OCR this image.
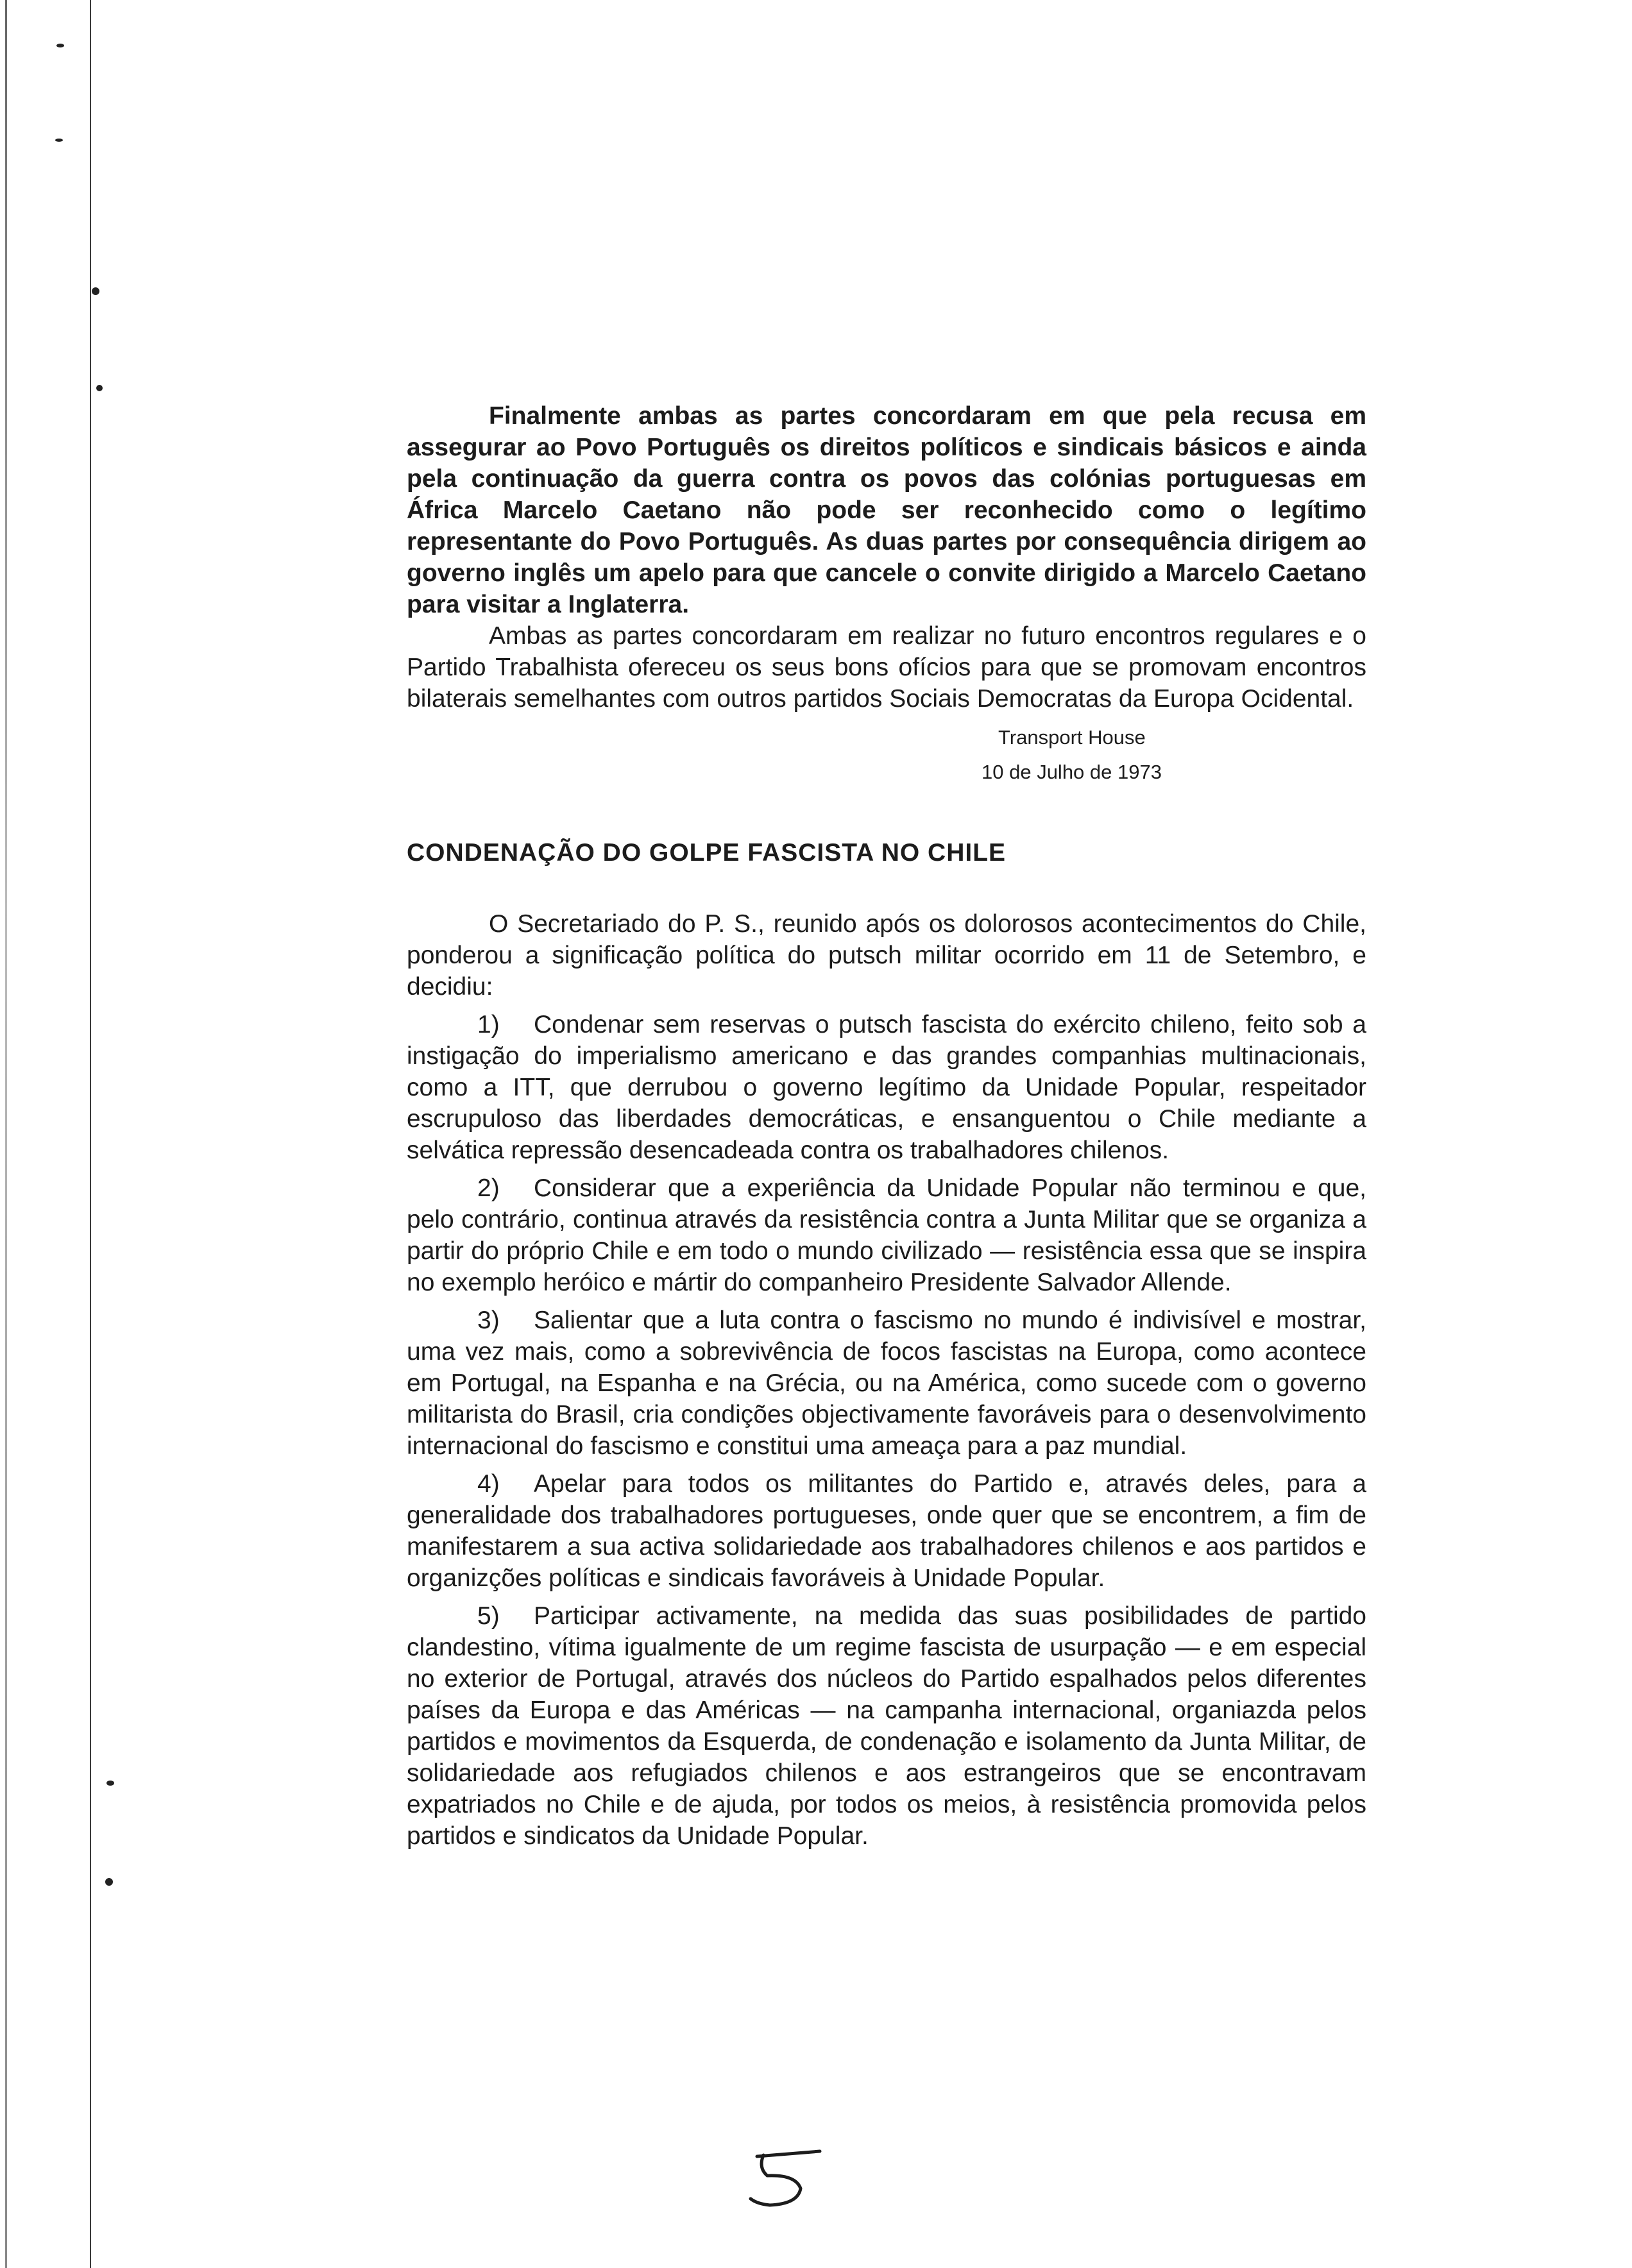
Finalmente ambas as partes concordaram em que pela recusa em assegurar ao Povo Português os direitos políticos e sindicais básicos e ainda pela continuação da guerra contra os povos das colónias portuguesas em África Marcelo Caetano não pode ser reconhecido como o legítimo representante do Povo Português. As duas partes por consequência dirigem ao governo inglês um apelo para que cancele o convite dirigido a Marcelo Caetano para visitar a Inglaterra.

Ambas as partes concordaram em realizar no futuro encontros regulares e o Partido Trabalhista ofereceu os seus bons ofícios para que se promovam encontros bilaterais semelhantes com outros partidos Sociais Democratas da Europa Ocidental.

Transport House
10 de Julho de 1973
CONDENAÇÃO DO GOLPE FASCISTA NO CHILE

O Secretariado do P. S., reunido após os dolorosos acontecimentos do Chile, ponderou a significação política do putsch militar ocorrido em 11 de Setembro, e decidiu:

1) Condenar sem reservas o putsch fascista do exército chileno, feito sob a instigação do imperialismo americano e das grandes companhias multinacionais, como a ITT, que derrubou o governo legítimo da Unidade Popular, respeitador escrupuloso das liberdades democráticas, e ensanguentou o Chile mediante a selvática repressão desencadeada contra os trabalhadores chilenos.

2) Considerar que a experiência da Unidade Popular não terminou e que, pelo contrário, continua através da resistência contra a Junta Militar que se organiza a partir do próprio Chile e em todo o mundo civilizado — resistência essa que se inspira no exemplo heróico e mártir do companheiro Presidente Salvador Allende.

3) Salientar que a luta contra o fascismo no mundo é indivisível e mostrar, uma vez mais, como a sobrevivência de focos fascistas na Europa, como acontece em Portugal, na Espanha e na Grécia, ou na América, como sucede com o governo militarista do Brasil, cria condições objectivamente favoráveis para o desenvolvimento internacional do fascismo e constitui uma ameaça para a paz mundial.

4) Apelar para todos os militantes do Partido e, através deles, para a generalidade dos trabalhadores portugueses, onde quer que se encontrem, a fim de manifestarem a sua activa solidariedade aos trabalhadores chilenos e aos partidos e organizções políticas e sindicais favoráveis à Unidade Popular.

5) Participar activamente, na medida das suas posibilidades de partido clandestino, vítima igualmente de um regime fascista de usurpação — e em especial no exterior de Portugal, através dos núcleos do Partido espalhados pelos diferentes países da Europa e das Américas — na campanha internacional, organiazda pelos partidos e movimentos da Esquerda, de condenação e isolamento da Junta Militar, de solidariedade aos refugiados chilenos e aos estrangeiros que se encontravam expatriados no Chile e de ajuda, por todos os meios, à resistência promovida pelos partidos e sindicatos da Unidade Popular.
